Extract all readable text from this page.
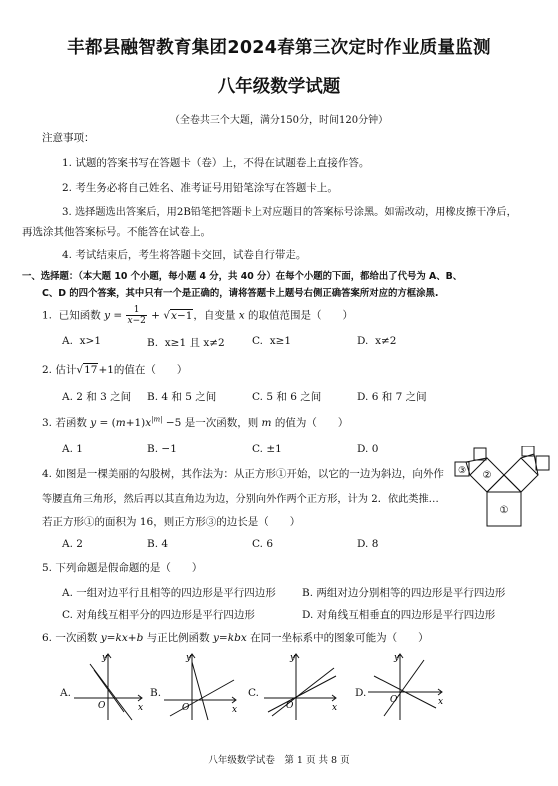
丰都县融智教育集团2024春第三次定时作业质量监测
八年级数学试题
（全卷共三个大题，满分150分，时间120分钟）
注意事项：
1. 试题的答案书写在答题卡（卷）上，不得在试题卷上直接作答。
2. 考生务必将自己姓名、准考证号用铅笔涂写在答题卡上。
3. 选择题选出答案后，用2B铅笔把答题卡上对应题目的答案标号涂黑。如需改动，用橡皮擦干净后，
再选涂其他答案标号。不能答在试卷上。
4. 考试结束后，考生将答题卡交回，试卷自行带走。
一、选择题：（本大题 10 个小题，每小题 4 分，共 40 分）在每个小题的下面，都给出了代号为 A、B、
C、D 的四个答案，其中只有一个是正确的，请将答题卡上题号右侧正确答案所对应的方框涂黑.
1. 已知函数 $y = \frac{1}{x-2} + √x-1$，自变量 x 的取值范围是（　　）
A. x>1	B. x≥1 且 x≠2	C. x≥1	D. x≠2
2. 估计√17+1的值在（　　）
A. 2 和 3 之间 B. 4 和 5 之间	C. 5 和 6 之间	D. 6 和 7 之间
3. 若函数 $y = (m+1)x^{|m|} -5$ 是一次函数，则 m 的值为（　　）
A. 1	B. −1	C. ±1	D. 0
4. 如图是一棵美丽的勾股树，其作法为：从正方形①开始，以它的一边为斜边，向外作
等腰直角三角形，然后再以其直角边为边，分别向外作两个正方形，计为 2．依此类推…
若正方形①的面积为 16，则正方形③的边长是（　　）
A. 2	B. 4	C. 6	D. 8
①
②
③
5. 下列命题是假命题的是（　　）
A. 一组对边平行且相等的四边形是平行四边形 B. 两组对边分别相等的四边形是平行四边形
C. 对角线互相平分的四边形是平行四边形	D. 对角线互相垂直的四边形是平行四边形
6. 一次函数 y=kx+b 与正比例函数 y=kbx 在同一坐标系中的图象可能为（　　）
A.	B.	C.	D.
y
x
O
y
x
O
y
x
O
y
x
O
八年级数学试卷　第 1 页 共 8 页
